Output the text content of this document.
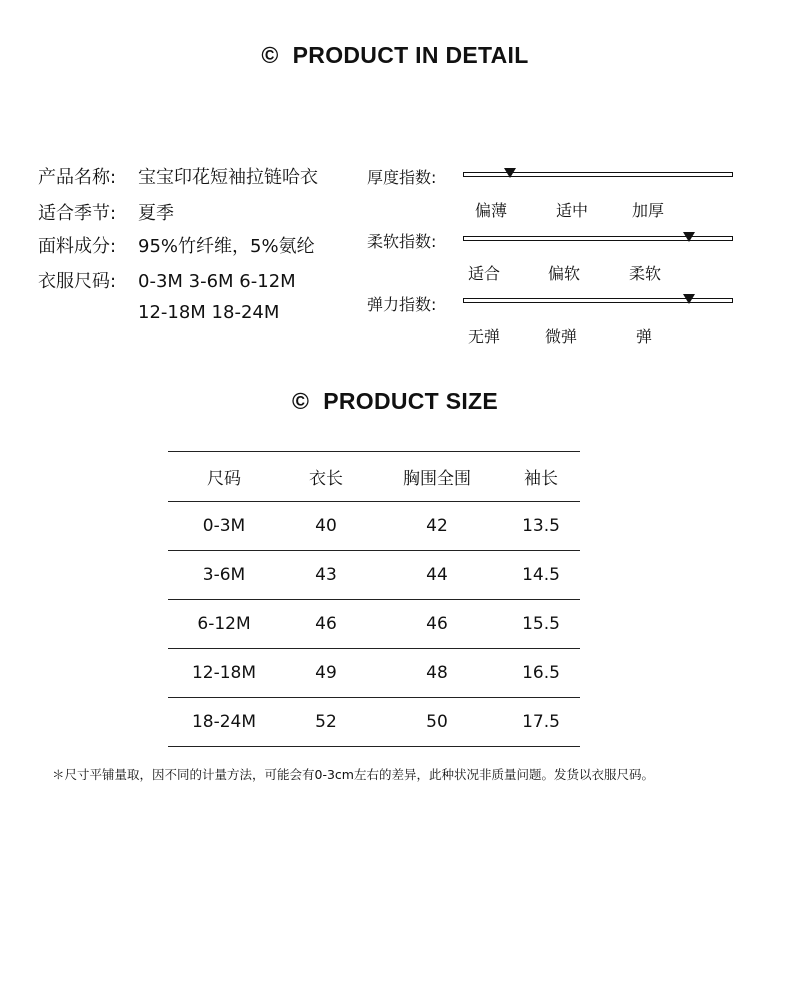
© PRODUCT IN DETAIL
产品名称: 宝宝印花短袖拉链哈衣
适合季节: 夏季
面料成分: 95%竹纤维，5%氨纶
衣服尺码: 0-3M 3-6M 6-12M
12-18M 18-24M
厚度指数:
偏薄	适中	加厚
柔软指数:
适合	偏软	柔软
弹力指数:
无弹	微弹	弹
© PRODUCT SIZE
尺码	衣长	胸围全围	袖长
0-3M	40	42	13.5
3-6M	43	44	14.5
6-12M	46	46	15.5
12-18M	49	48	16.5
18-24M	52	50	17.5
＊尺寸平铺量取，因不同的计量方法，可能会有0-3cm左右的差异，此种状况非质量问题。发货以衣服尺码。
